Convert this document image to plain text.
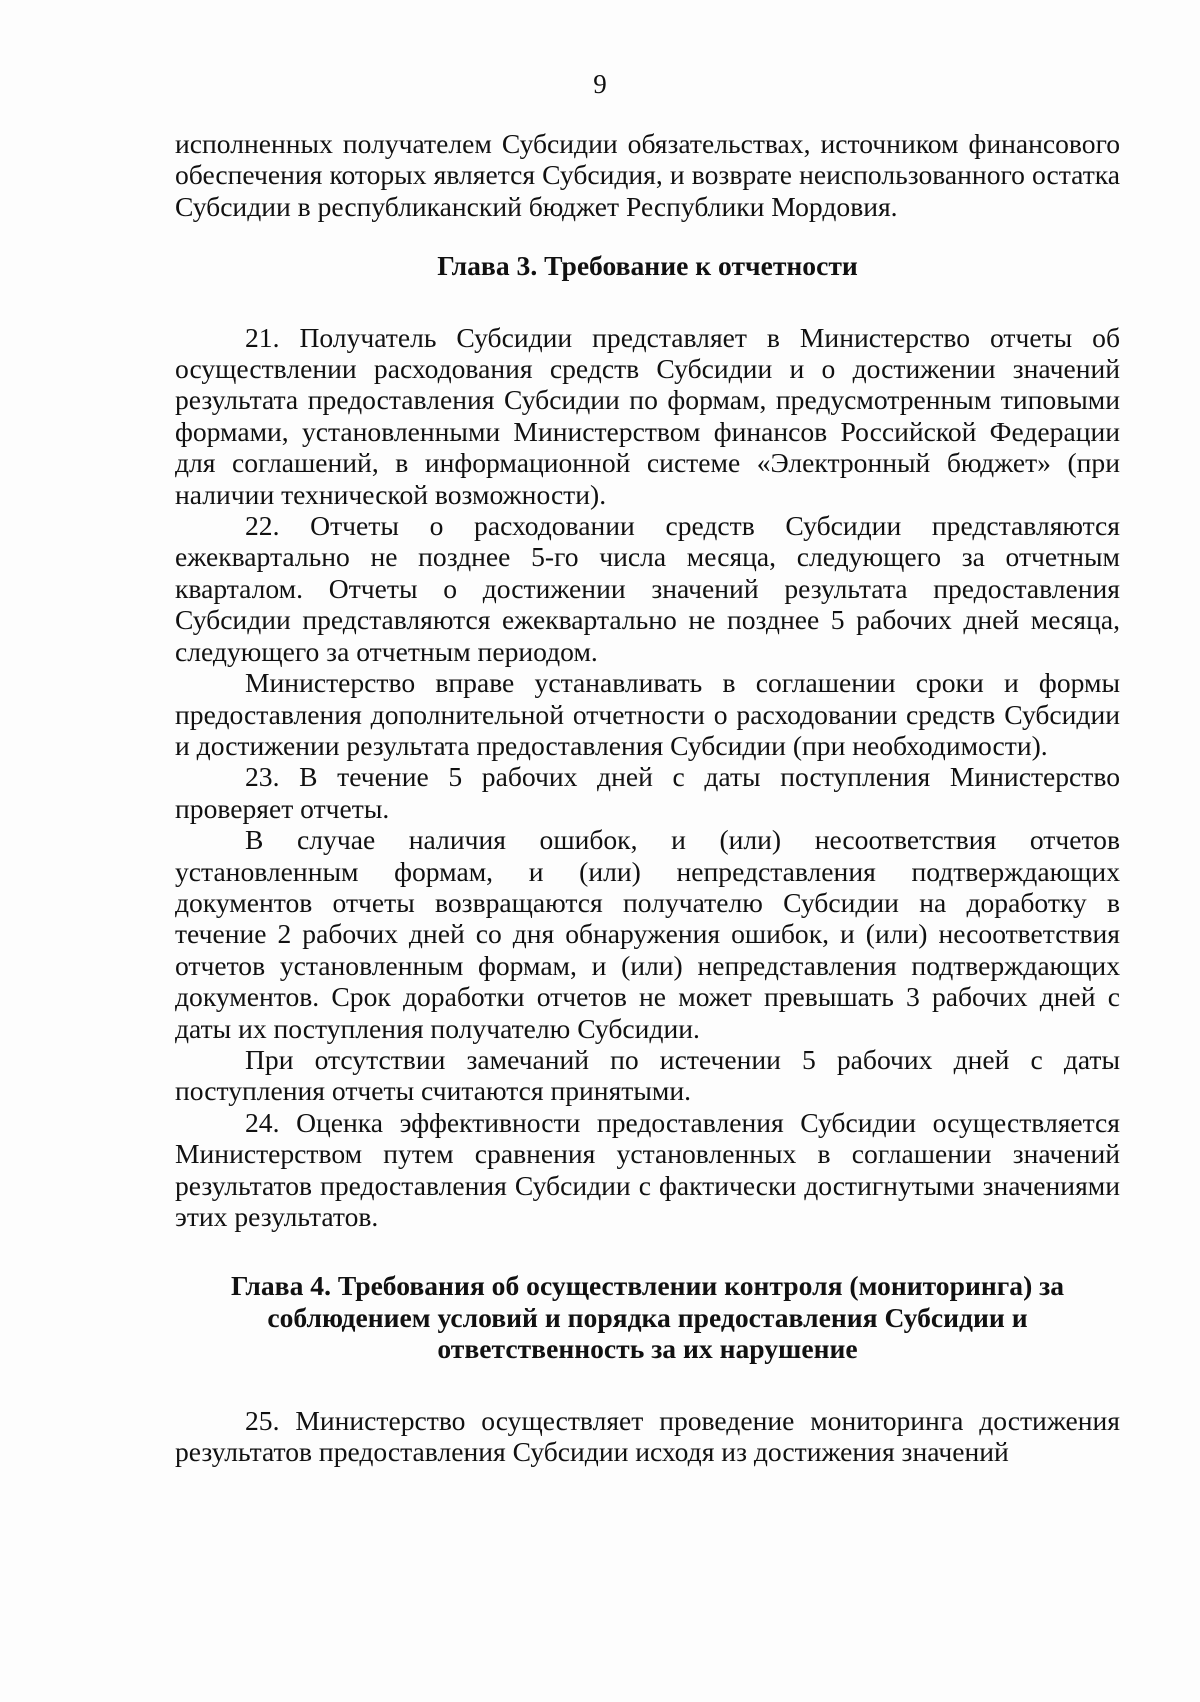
9

исполненных получателем Субсидии обязательствах, источником финансового обеспечения которых является Субсидия, и возврате неиспользованного остатка Субсидии в республиканский бюджет Республики Мордовия.

Глава 3. Требование к отчетности

21. Получатель Субсидии представляет в Министерство отчеты об осуществлении расходования средств Субсидии и о достижении значений результата предоставления Субсидии по формам, предусмотренным типовыми формами, установленными Министерством финансов Российской Федерации для соглашений, в информационной системе «Электронный бюджет» (при наличии технической возможности).

22. Отчеты о расходовании средств Субсидии представляются ежеквартально не позднее 5-го числа месяца, следующего за отчетным кварталом. Отчеты о достижении значений результата предоставления Субсидии представляются ежеквартально не позднее 5 рабочих дней месяца, следующего за отчетным периодом.

Министерство вправе устанавливать в соглашении сроки и формы предоставления дополнительной отчетности о расходовании средств Субсидии и достижении результата предоставления Субсидии (при необходимости).

23. В течение 5 рабочих дней с даты поступления Министерство проверяет отчеты.

В случае наличия ошибок, и (или) несоответствия отчетов установленным формам, и (или) непредставления подтверждающих документов отчеты возвращаются получателю Субсидии на доработку в течение 2 рабочих дней со дня обнаружения ошибок, и (или) несоответствия отчетов установленным формам, и (или) непредставления подтверждающих документов. Срок доработки отчетов не может превышать 3 рабочих дней с даты их поступления получателю Субсидии.

При отсутствии замечаний по истечении 5 рабочих дней с даты поступления отчеты считаются принятыми.

24. Оценка эффективности предоставления Субсидии осуществляется Министерством путем сравнения установленных в соглашении значений результатов предоставления Субсидии с фактически достигнутыми значениями этих результатов.

Глава 4. Требования об осуществлении контроля (мониторинга) за соблюдением условий и порядка предоставления Субсидии и ответственность за их нарушение

25. Министерство осуществляет проведение мониторинга достижения результатов предоставления Субсидии исходя из достижения значений
